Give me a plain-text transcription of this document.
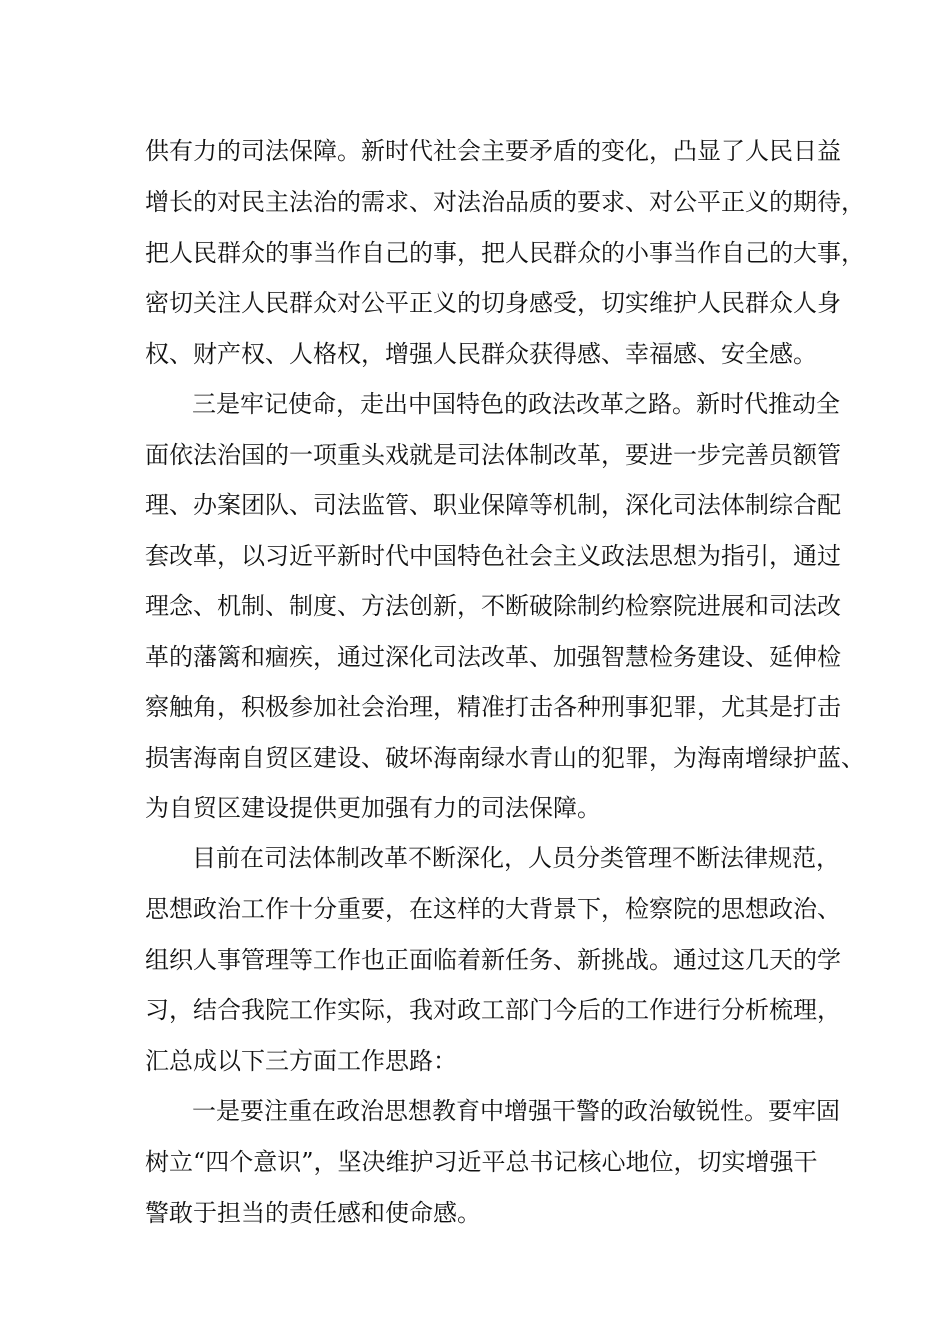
供有力的司法保障。新时代社会主要矛盾的变化，凸显了人民日益

增长的对民主法治的需求、对法治品质的要求、对公平正义的期待，

把人民群众的事当作自己的事，把人民群众的小事当作自己的大事，

密切关注人民群众对公平正义的切身感受，切实维护人民群众人身

权、财产权、人格权，增强人民群众获得感、幸福感、安全感。

三是牢记使命，走出中国特色的政法改革之路。新时代推动全

面依法治国的一项重头戏就是司法体制改革，要进一步完善员额管

理、办案团队、司法监管、职业保障等机制，深化司法体制综合配

套改革，以习近平新时代中国特色社会主义政法思想为指引，通过

理念、机制、制度、方法创新，不断破除制约检察院进展和司法改

革的藩篱和痼疾，通过深化司法改革、加强智慧检务建设、延伸检

察触角，积极参加社会治理，精准打击各种刑事犯罪，尤其是打击

损害海南自贸区建设、破坏海南绿水青山的犯罪，为海南增绿护蓝、

为自贸区建设提供更加强有力的司法保障。

目前在司法体制改革不断深化，人员分类管理不断法律规范，

思想政治工作十分重要，在这样的大背景下，检察院的思想政治、

组织人事管理等工作也正面临着新任务、新挑战。通过这几天的学

习，结合我院工作实际，我对政工部门今后的工作进行分析梳理，

汇总成以下三方面工作思路：

一是要注重在政治思想教育中增强干警的政治敏锐性。要牢固

树立“四个意识”，坚决维护习近平总书记核心地位，切实增强干

警敢于担当的责任感和使命感。
